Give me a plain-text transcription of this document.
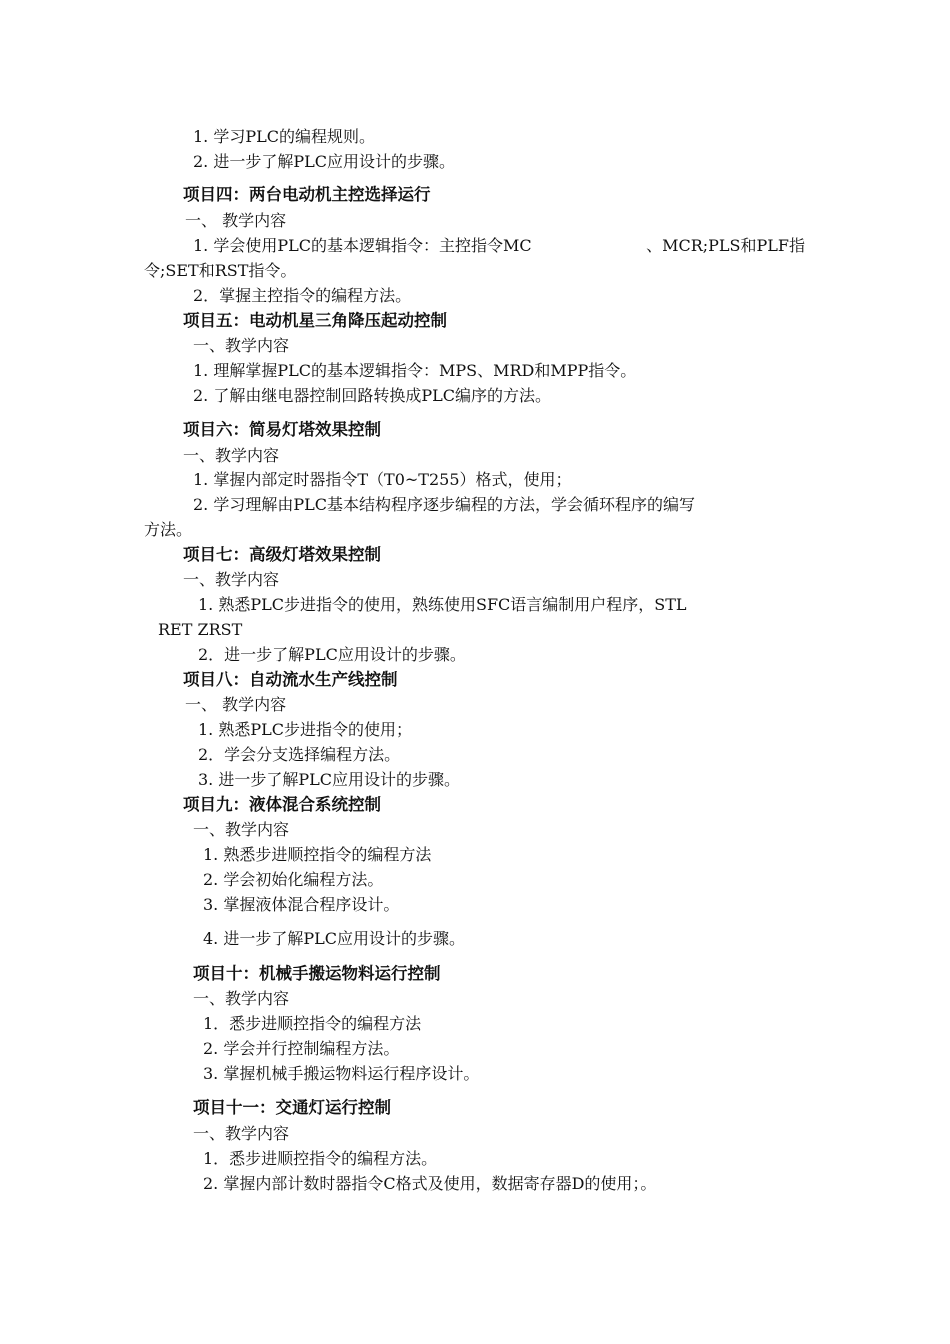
1. 学习PLC的编程规则。
2. 进一步了解PLC应用设计的步骤。
项目四：两台电动机主控选择运行
一、 教学内容
1. 学会使用PLC的基本逻辑指令：主控指令MC	、MCR;PLS和PLF指
令;SET和RST指令。
2．掌握主控指令的编程方法。
项目五：电动机星三角降压起动控制
一、教学内容
1. 理解掌握PLC的基本逻辑指令：MPS、MRD和MPP指令。
2. 了解由继电器控制回路转换成PLC编序的方法。
项目六：简易灯塔效果控制
一、教学内容
1. 掌握内部定时器指令T（T0~T255）格式，使用；
2. 学习理解由PLC基本结构程序逐步编程的方法，学会循环程序的编写
方法。
项目七：高级灯塔效果控制
一、教学内容
1. 熟悉PLC步进指令的使用，熟练使用SFC语言编制用户程序，STL
RET ZRST
2．进一步了解PLC应用设计的步骤。
项目八：自动流水生产线控制
一、 教学内容
1. 熟悉PLC步进指令的使用；
2．学会分支选择编程方法。
3. 进一步了解PLC应用设计的步骤。
项目九：液体混合系统控制
一、教学内容
1. 熟悉步进顺控指令的编程方法
2. 学会初始化编程方法。
3. 掌握液体混合程序设计。
4. 进一步了解PLC应用设计的步骤。
项目十：机械手搬运物料运行控制
一、教学内容
1．悉步进顺控指令的编程方法
2. 学会并行控制编程方法。
3. 掌握机械手搬运物料运行程序设计。
项目十一：交通灯运行控制
一、教学内容
1．悉步进顺控指令的编程方法。
2. 掌握内部计数时器指令C格式及使用，数据寄存器D的使用；。
